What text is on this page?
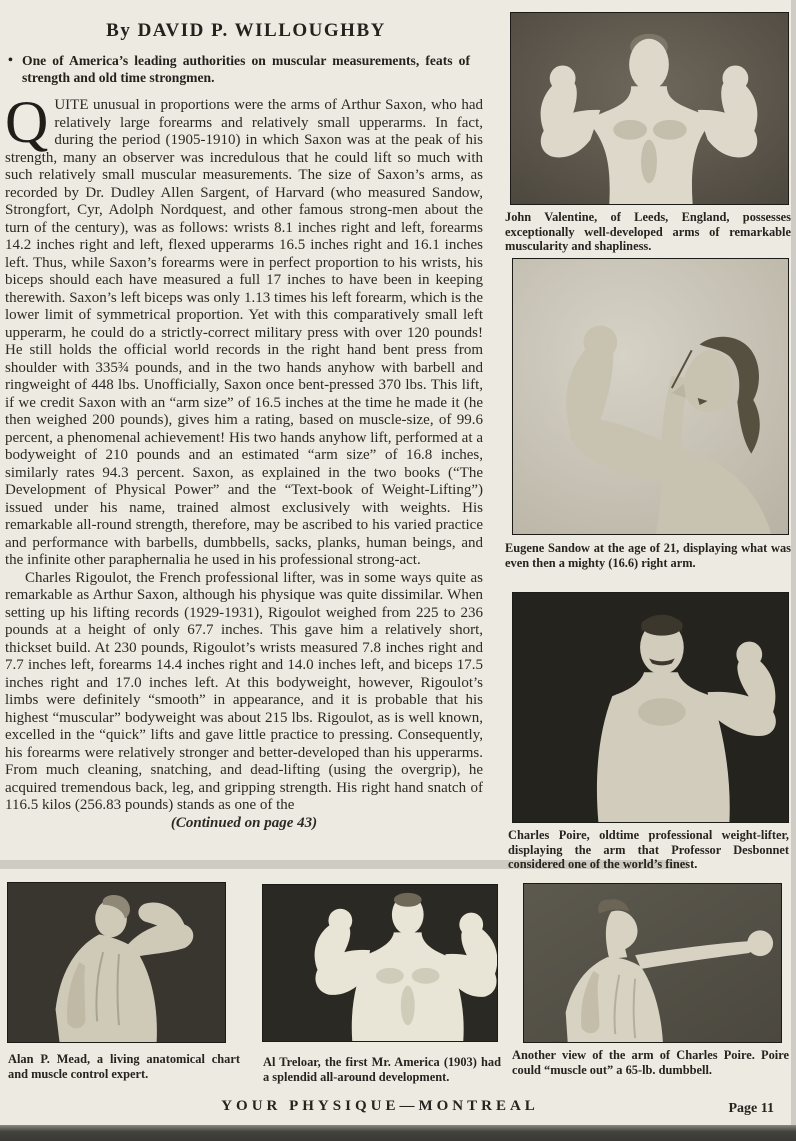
By DAVID P. WILLOUGHBY
• One of America’s leading authorities on muscular measurements, feats of strength and old time strongmen.

QUITE unusual in proportions were the arms of Arthur Saxon, who had relatively large forearms and relatively small upperarms. In fact, during the period (1905-1910) in which Saxon was at the peak of his strength, many an observer was incredulous that he could lift so much with such relatively small muscular measurements. The size of Saxon’s arms, as recorded by Dr. Dudley Allen Sargent, of Harvard (who measured Sandow, Strongfort, Cyr, Adolph Nordquest, and other famous strong-men about the turn of the century), was as follows: wrists 8.1 inches right and left, forearms 14.2 inches right and left, flexed upperarms 16.5 inches right and 16.1 inches left. Thus, while Saxon’s forearms were in perfect proportion to his wrists, his biceps should each have measured a full 17 inches to have been in keeping therewith. Saxon’s left biceps was only 1.13 times his left forearm, which is the lower limit of symmetrical proportion. Yet with this comparatively small left upperarm, he could do a strictly-correct military press with over 120 pounds! He still holds the official world records in the right hand bent press from shoulder with 335¾ pounds, and in the two hands anyhow with barbell and ringweight of 448 lbs. Unofficially, Saxon once bent-pressed 370 lbs. This lift, if we credit Saxon with an “arm size” of 16.5 inches at the time he made it (he then weighed 200 pounds), gives him a rating, based on muscle-size, of 99.6 percent, a phenomenal achievement! His two hands anyhow lift, performed at a bodyweight of 210 pounds and an estimated “arm size” of 16.8 inches, similarly rates 94.3 percent. Saxon, as explained in the two books (“The Development of Physical Power” and the “Text-book of Weight-Lifting”) issued under his name, trained almost exclusively with weights. His remarkable all-round strength, therefore, may be ascribed to his varied practice and performance with barbells, dumbbells, sacks, planks, human beings, and the infinite other paraphernalia he used in his professional strong-act.

Charles Rigoulot, the French professional lifter, was in some ways quite as remarkable as Arthur Saxon, although his physique was quite dissimilar. When setting up his lifting records (1929-1931), Rigoulot weighed from 225 to 236 pounds at a height of only 67.7 inches. This gave him a relatively short, thickset build. At 230 pounds, Rigoulot’s wrists measured 7.8 inches right and 7.7 inches left, forearms 14.4 inches right and 14.0 inches left, and biceps 17.5 inches right and 17.0 inches left. At this bodyweight, however, Rigoulot’s limbs were definitely “smooth” in appearance, and it is probable that his highest “muscular” bodyweight was about 215 lbs. Rigoulot, as is well known, excelled in the “quick” lifts and gave little practice to pressing. Consequently, his forearms were relatively stronger and better-developed than his upperarms. From much cleaning, snatching, and dead-lifting (using the overgrip), he acquired tremendous back, leg, and gripping strength. His right hand snatch of 116.5 kilos (256.83 pounds) stands as one of the

(Continued on page 43)

John Valentine, of Leeds, England, possesses exceptionally well-developed arms of remarkable muscularity and shapliness.
Eugene Sandow at the age of 21, displaying what was even then a mighty (16.6) right arm.
Charles Poire, oldtime professional weight-lifter, displaying the arm that Professor Desbonnet considered one of the world’s finest.
Alan P. Mead, a living anatomical chart and muscle control expert.
Al Treloar, the first Mr. America (1903) had a splendid all-around development.
Another view of the arm of Charles Poire. Poire could “muscle out” a 65-lb. dumbbell.
YOUR PHYSIQUE—MONTREAL	Page 11
